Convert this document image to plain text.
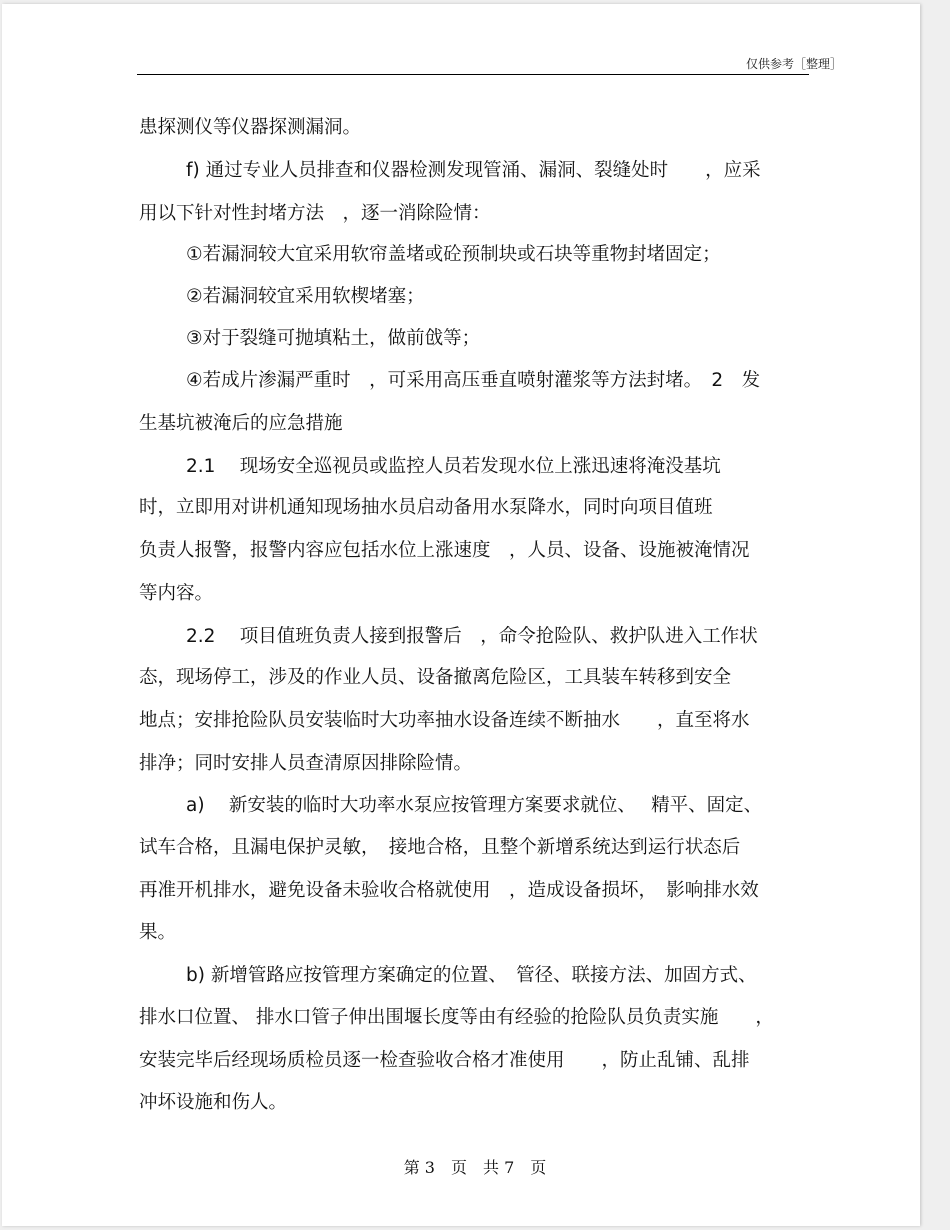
仅供参考［整理］
患探测仪等仪器探测漏洞。
f) 通过专业人员排查和仪器检测发现管涌、漏洞、裂缝处时　　，应采
用以下针对性封堵方法　，逐一消除险情：
①若漏洞较大宜采用软帘盖堵或砼预制块或石块等重物封堵固定；
②若漏洞较宜采用软楔堵塞；
③对于裂缝可抛填粘土，做前戗等；
④若成片渗漏严重时　，可采用高压垂直喷射灌浆等方法封堵。　2　发
生基坑被淹后的应急措施
2.1　 现场安全巡视员或监控人员若发现水位上涨迅速将淹没基坑
时，立即用对讲机通知现场抽水员启动备用水泵降水，同时向项目值班
负责人报警，报警内容应包括水位上涨速度　，人员、设备、设施被淹情况
等内容。
2.2　 项目值班负责人接到报警后　，命令抢险队、救护队进入工作状
态，现场停工，涉及的作业人员、设备撤离危险区，工具装车转移到安全
地点；安排抢险队员安装临时大功率抽水设备连续不断抽水　　，直至将水
排净；同时安排人员查清原因排除险情。
a)　 新安装的临时大功率水泵应按管理方案要求就位、　 精平、固定、
试车合格，且漏电保护灵敏，　接地合格，且整个新增系统达到运行状态后
再准开机排水，避免设备未验收合格就使用　，造成设备损坏，　影响排水效
果。
b) 新增管路应按管理方案确定的位置、　管径、联接方法、加固方式、
排水口位置、 排水口管子伸出围堰长度等由有经验的抢险队员负责实施　　，
安装完毕后经现场质检员逐一检查验收合格才准使用　　，防止乱铺、乱排
冲坏设施和伤人。
第 3　页　共 7　页
